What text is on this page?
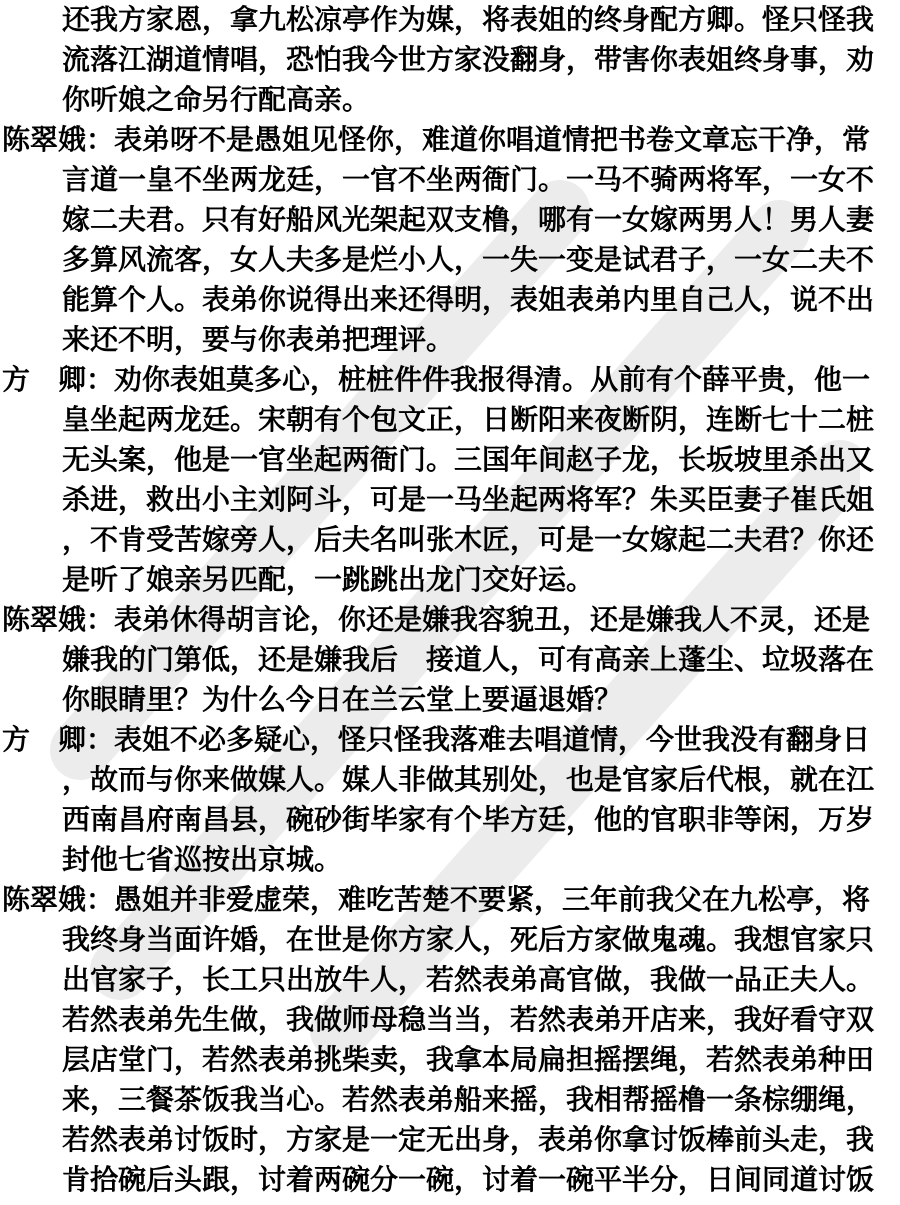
还我方家恩，拿九松凉亭作为媒，将表姐的终身配方卿。怪只怪我
流落江湖道情唱，恐怕我今世方家没翻身，带害你表姐终身事，劝
你听娘之命另行配高亲。
陈翠娥：表弟呀不是愚姐见怪你，难道你唱道情把书卷文章忘干净，常
言道一皇不坐两龙廷，一官不坐两衙门。一马不骑两将军，一女不
嫁二夫君。只有好船风光架起双支橹，哪有一女嫁两男人！男人妻
多算风流客，女人夫多是烂小人，一失一变是试君子，一女二夫不
能算个人。表弟你说得出来还得明，表姐表弟内里自己人，说不出
来还不明，要与你表弟把理评。
方　卿：劝你表姐莫多心，桩桩件件我报得清。从前有个薛平贵，他一
皇坐起两龙廷。宋朝有个包文正，日断阳来夜断阴，连断七十二桩
无头案，他是一官坐起两衙门。三国年间赵子龙，长坂坡里杀出又
杀进，救出小主刘阿斗，可是一马坐起两将军？朱买臣妻子崔氏姐
，不肯受苦嫁旁人，后夫名叫张木匠，可是一女嫁起二夫君？你还
是听了娘亲另匹配，一跳跳出龙门交好运。
陈翠娥：表弟休得胡言论，你还是嫌我容貌丑，还是嫌我人不灵，还是
嫌我的门第低，还是嫌我后　接道人，可有高亲上蓬尘、垃圾落在
你眼睛里？为什么今日在兰云堂上要逼退婚？
方　卿：表姐不必多疑心，怪只怪我落难去唱道情，今世我没有翻身日
，故而与你来做媒人。媒人非做其别处，也是官家后代根，就在江
西南昌府南昌县，碗砂街毕家有个毕方廷，他的官职非等闲，万岁
封他七省巡按出京城。
陈翠娥：愚姐并非爱虚荣，难吃苦楚不要紧，三年前我父在九松亭，将
我终身当面许婚，在世是你方家人，死后方家做鬼魂。我想官家只
出官家子，长工只出放牛人，若然表弟高官做，我做一品正夫人。
若然表弟先生做，我做师母稳当当，若然表弟开店来，我好看守双
层店堂门，若然表弟挑柴卖，我拿本局扁担摇摆绳，若然表弟种田
来，三餐茶饭我当心。若然表弟船来摇，我相帮摇橹一条棕绷绳，
若然表弟讨饭时，方家是一定无出身，表弟你拿讨饭棒前头走，我
肯拾碗后头跟，讨着两碗分一碗，讨着一碗平半分，日间同道讨饭
